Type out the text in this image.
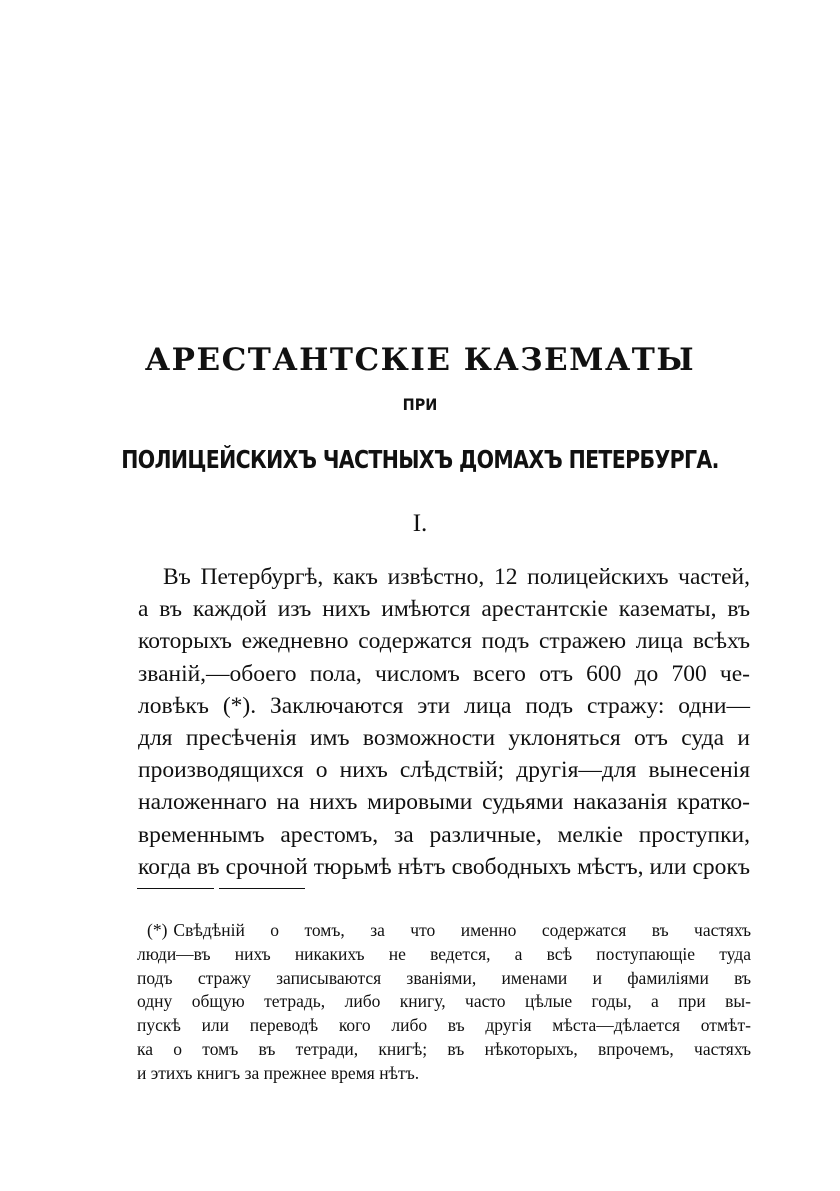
АРЕСТАНТСКІЕ КАЗЕМАТЫ
ПРИ
ПОЛИЦЕЙСКИХЪ ЧАСТНЫХЪ ДОМАХЪ ПЕТЕРБУРГА.
I.
Въ Петербургѣ, какъ извѣстно, 12 полицейскихъ частей,
а въ каждой изъ нихъ имѣются арестантскіе казематы, въ
которыхъ ежедневно содержатся подъ стражею лица всѣхъ
званій,—обоего пола, числомъ всего отъ 600 до 700 че-
ловѣкъ (*). Заключаются эти лица подъ стражу: одни—
для пресѣченія имъ возможности уклоняться отъ суда и
производящихся о нихъ слѣдствій; другія—для вынесенія
наложеннаго на нихъ мировыми судьями наказанія кратко-
временнымъ арестомъ, за различные, мелкіе проступки,
когда въ срочной тюрьмѣ нѣтъ свободныхъ мѣстъ, или срокъ
(*) Свѣдѣній о томъ, за что именно содержатся въ частяхъ
люди—въ нихъ никакихъ не ведется, а всѣ поступающіе туда
подъ стражу записываются званіями, именами и фамиліями въ
одну общую тетрадь, либо книгу, часто цѣлые годы, а при вы-
пускѣ или переводѣ кого либо въ другія мѣста—дѣлается отмѣт-
ка о томъ въ тетради, книгѣ; въ нѣкоторыхъ, впрочемъ, частяхъ
и этихъ книгъ за прежнее время нѣтъ.
